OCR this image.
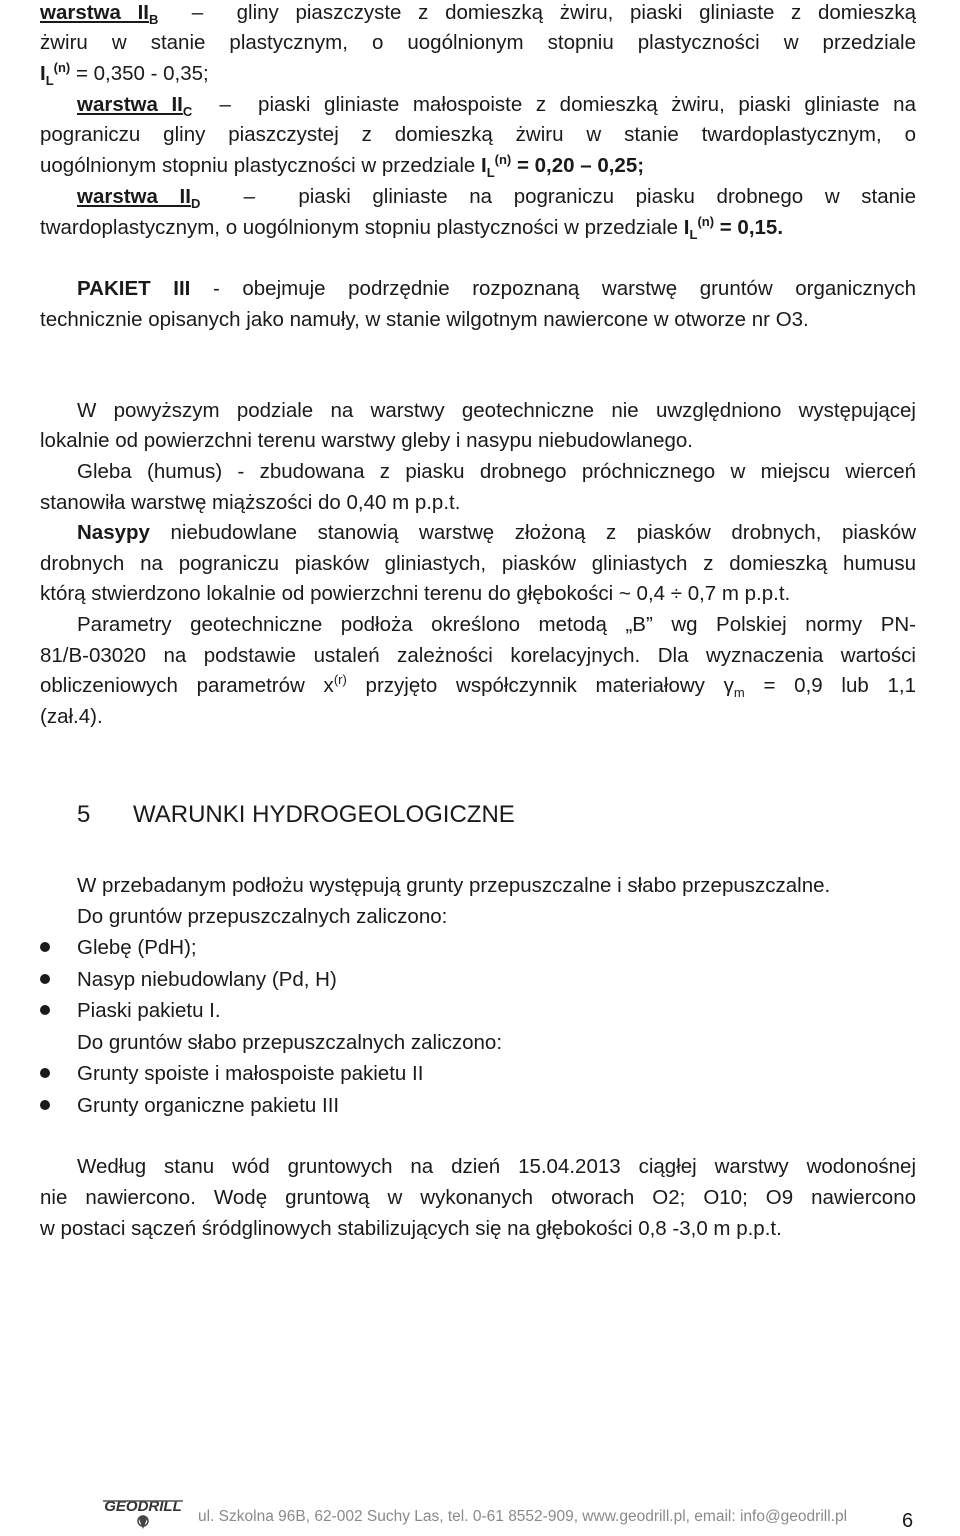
warstwa $II_B$  –  gliny piaszczyste z domieszką żwiru, piaski gliniaste z domieszką
żwiru w stanie plastycznym, o uogólnionym stopniu plastyczności w przedziale
$I_L^{(n)} = 0,350 - 0,35$;
warstwa $II_C$  –  piaski gliniaste małospoiste z domieszką żwiru, piaski gliniaste na
pograniczu gliny piaszczystej z domieszką żwiru w stanie twardoplastycznym, o
uogólnionym stopniu plastyczności w przedziale $I_L^{(n)} = 0,20 - 0,25$;
warstwa $II_D$  –  piaski gliniaste na pograniczu piasku drobnego w stanie
twardoplastycznym, o uogólnionym stopniu plastyczności w przedziale $I_L^{(n)} = 0,15$.
PAKIET III - obejmuje podrzędnie rozpoznaną warstwę gruntów organicznych
technicznie opisanych jako namuły, w stanie wilgotnym nawiercone w otworze nr O3.
W powyższym podziale na warstwy geotechniczne nie uwzględniono występującej
lokalnie od powierzchni terenu warstwy gleby i nasypu niebudowlanego.
Gleba (humus) - zbudowana z piasku drobnego próchnicznego w miejscu wierceń
stanowiła warstwę miąższości do 0,40 m p.p.t.
Nasypy niebudowlane stanowią warstwę złożoną z piasków drobnych, piasków
drobnych na pograniczu piasków gliniastych, piasków gliniastych z domieszką humusu
którą stwierdzono lokalnie od powierzchni terenu do głębokości ~ 0,4 ÷ 0,7 m p.p.t.
Parametry geotechniczne podłoża określono metodą „B” wg Polskiej normy PN-
81/B-03020 na podstawie ustaleń zależności korelacyjnych. Dla wyznaczenia wartości
obliczeniowych parametrów $x^{(r)}$ przyjęto współczynnik materiałowy $\gamma_m = 0,9$ lub 1,1
(zał.4).
5 WARUNKI HYDROGEOLOGICZNE
W przebadanym podłożu występują grunty przepuszczalne i słabo przepuszczalne.
Do gruntów przepuszczalnych zaliczono:
Glebę (PdH);
Nasyp niebudowlany (Pd, H)
Piaski pakietu I.
Do gruntów słabo przepuszczalnych zaliczono:
Grunty spoiste i małospoiste pakietu II
Grunty organiczne pakietu III
Według stanu wód gruntowych na dzień 15.04.2013 ciągłej warstwy wodonośnej
nie nawiercono. Wodę gruntową w wykonanych otworach O2; O10; O9 nawiercono
w postaci sączeń śródglinowych stabilizujących się na głębokości 0,8 -3,0 m p.p.t.
GEODRILL
ul. Szkolna 96B, 62-002 Suchy Las, tel. 0-61 8552-909, www.geodrill.pl, email: info@geodrill.pl	6
